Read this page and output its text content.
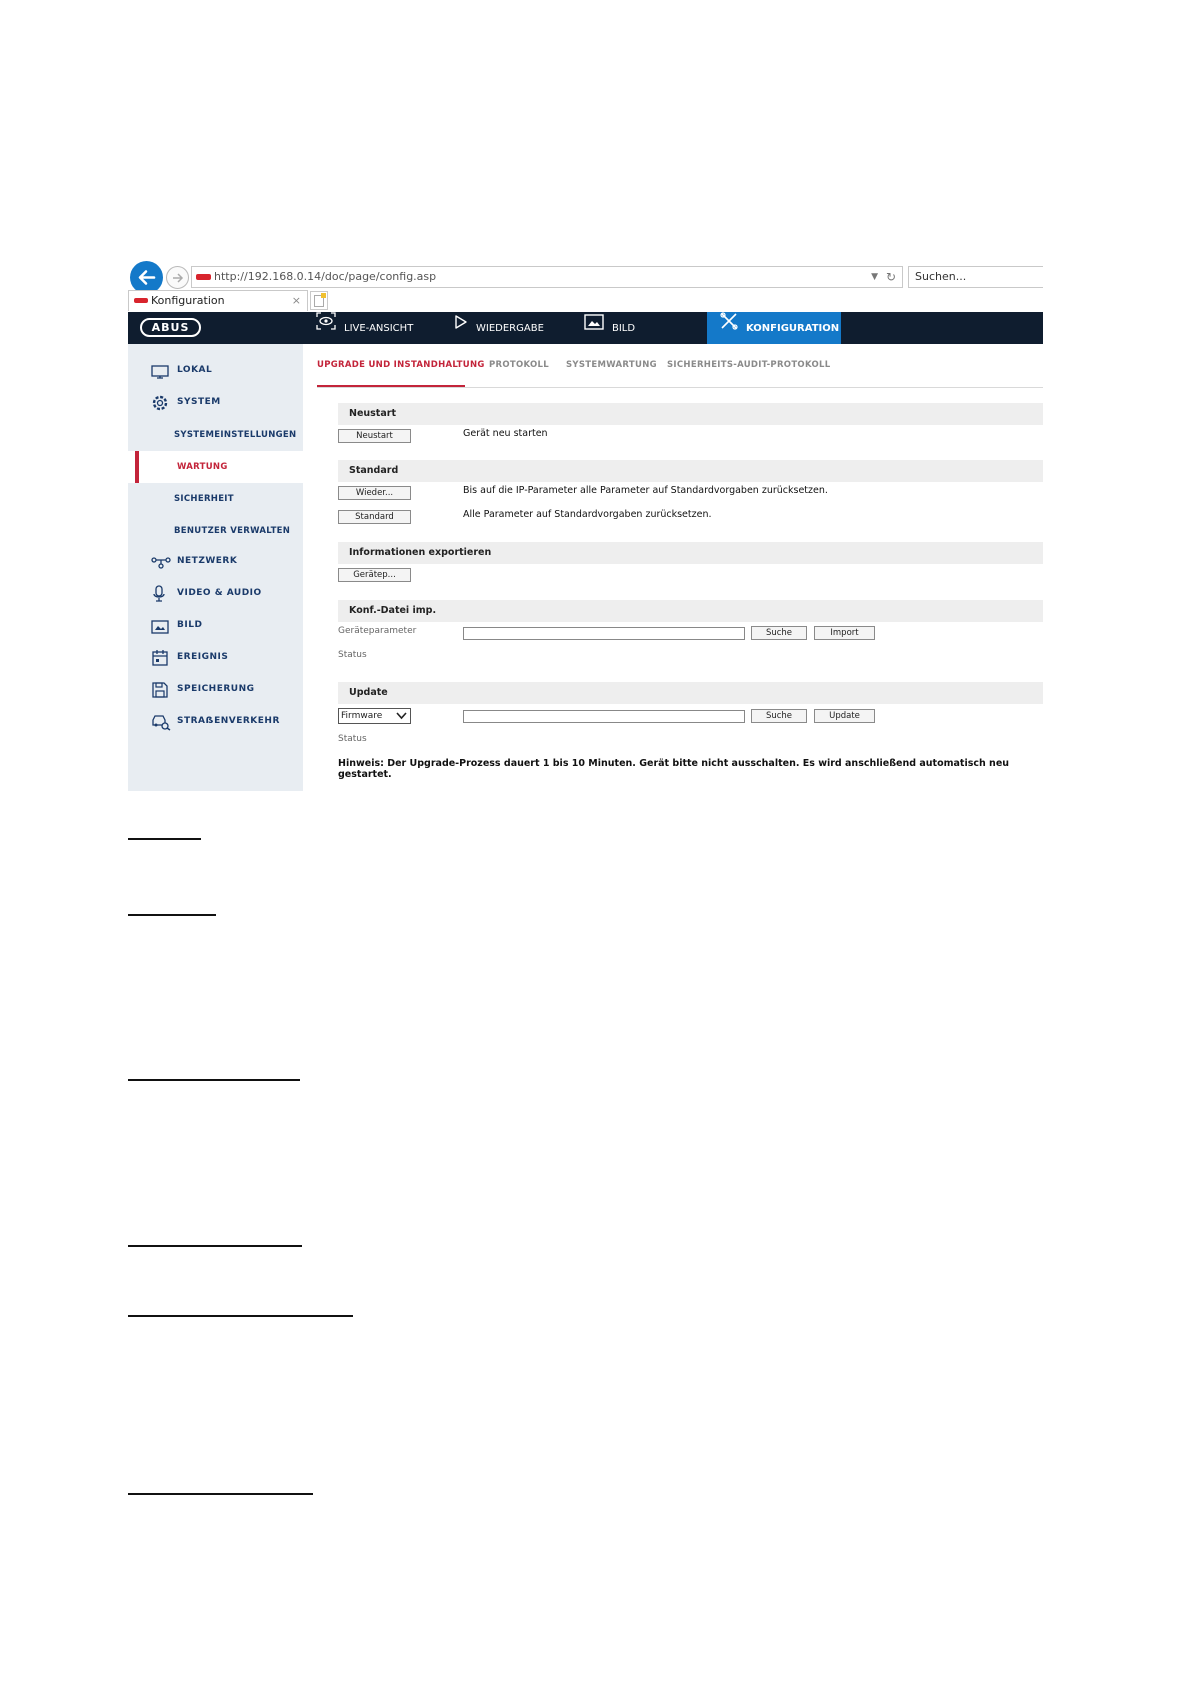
http://192.168.0.14/doc/page/config.asp	▼ ↻	Suchen...
Konfiguration	×
ABUS	LIVE-ANSICHT	WIEDERGABE	BILD	KONFIGURATION
LOKAL
SYSTEM
SYSTEMEINSTELLUNGEN
WARTUNG
SICHERHEIT
BENUTZER VERWALTEN
NETZWERK
VIDEO & AUDIO
BILD
EREIGNIS
SPEICHERUNG
STRAẞENVERKEHR
UPGRADE UND INSTANDHALTUNG PROTOKOLL SYSTEMWARTUNG SICHERHEITS-AUDIT-PROTOKOLL
Neustart
Neustart	Gerät neu starten
Standard
Wieder...	Bis auf die IP-Parameter alle Parameter auf Standardvorgaben zurücksetzen.
Standard	Alle Parameter auf Standardvorgaben zurücksetzen.
Informationen exportieren
Gerätep...
Konf.-Datei imp.
Geräteparameter	Suche	Import
Status
Update
Firmware	Suche	Update
Status
Hinweis: Der Upgrade-Prozess dauert 1 bis 10 Minuten. Gerät bitte nicht ausschalten. Es wird anschließend automatisch neu gestartet.
